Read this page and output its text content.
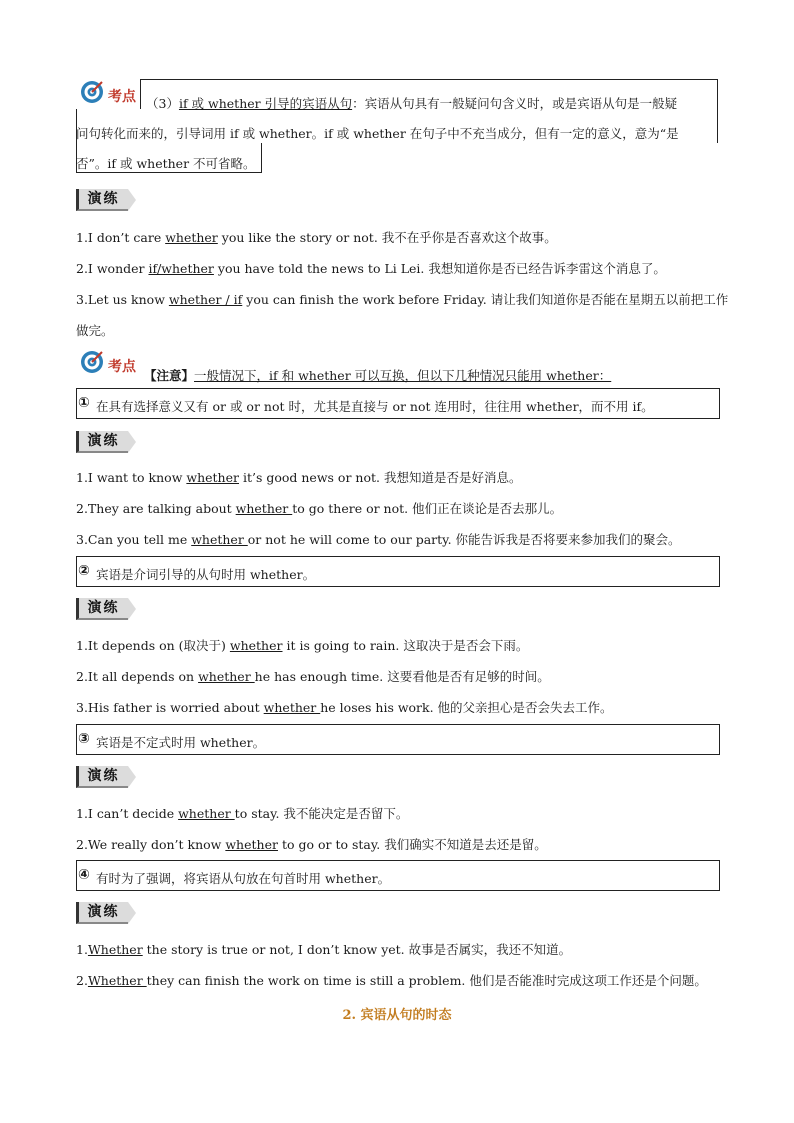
考点 （3）if 或 whether 引导的宾语从句：宾语从句具有一般疑问句含义时，或是宾语从句是一般疑
问句转化而来的，引导词用 if 或 whether。if 或 whether 在句子中不充当成分，但有一定的意义，意为“是
否”。if 或 whether 不可省略。
演练
1.I don’t care whether you like the story or not. 我不在乎你是否喜欢这个故事。
2.I wonder if/whether you have told the news to Li Lei. 我想知道你是否已经告诉李雷这个消息了。
3.Let us know whether / if you can finish the work before Friday. 请让我们知道你是否能在星期五以前把工作
做完。
考点
【注意】一般情况下，if 和 whether 可以互换，但以下几种情况只能用 whether：
① 在具有选择意义又有 or 或 or not 时，尤其是直接与 or not 连用时，往往用 whether，而不用 if。
演练
1.I want to know whether it’s good news or not. 我想知道是否是好消息。
2.They are talking about whether to go there or not. 他们正在谈论是否去那儿。
3.Can you tell me whether or not he will come to our party. 你能告诉我是否将要来参加我们的聚会。
② 宾语是介词引导的从句时用 whether。
演练
1.It depends on (取决于) whether it is going to rain. 这取决于是否会下雨。
2.It all depends on whether he has enough time. 这要看他是否有足够的时间。
3.His father is worried about whether he loses his work. 他的父亲担心是否会失去工作。
③ 宾语是不定式时用 whether。
演练
1.I can’t decide whether to stay. 我不能决定是否留下。
2.We really don’t know whether to go or to stay. 我们确实不知道是去还是留。
④ 有时为了强调，将宾语从句放在句首时用 whether。
演练
1.Whether the story is true or not, I don’t know yet. 故事是否属实，我还不知道。
2.Whether they can finish the work on time is still a problem. 他们是否能准时完成这项工作还是个问题。
2. 宾语从句的时态
